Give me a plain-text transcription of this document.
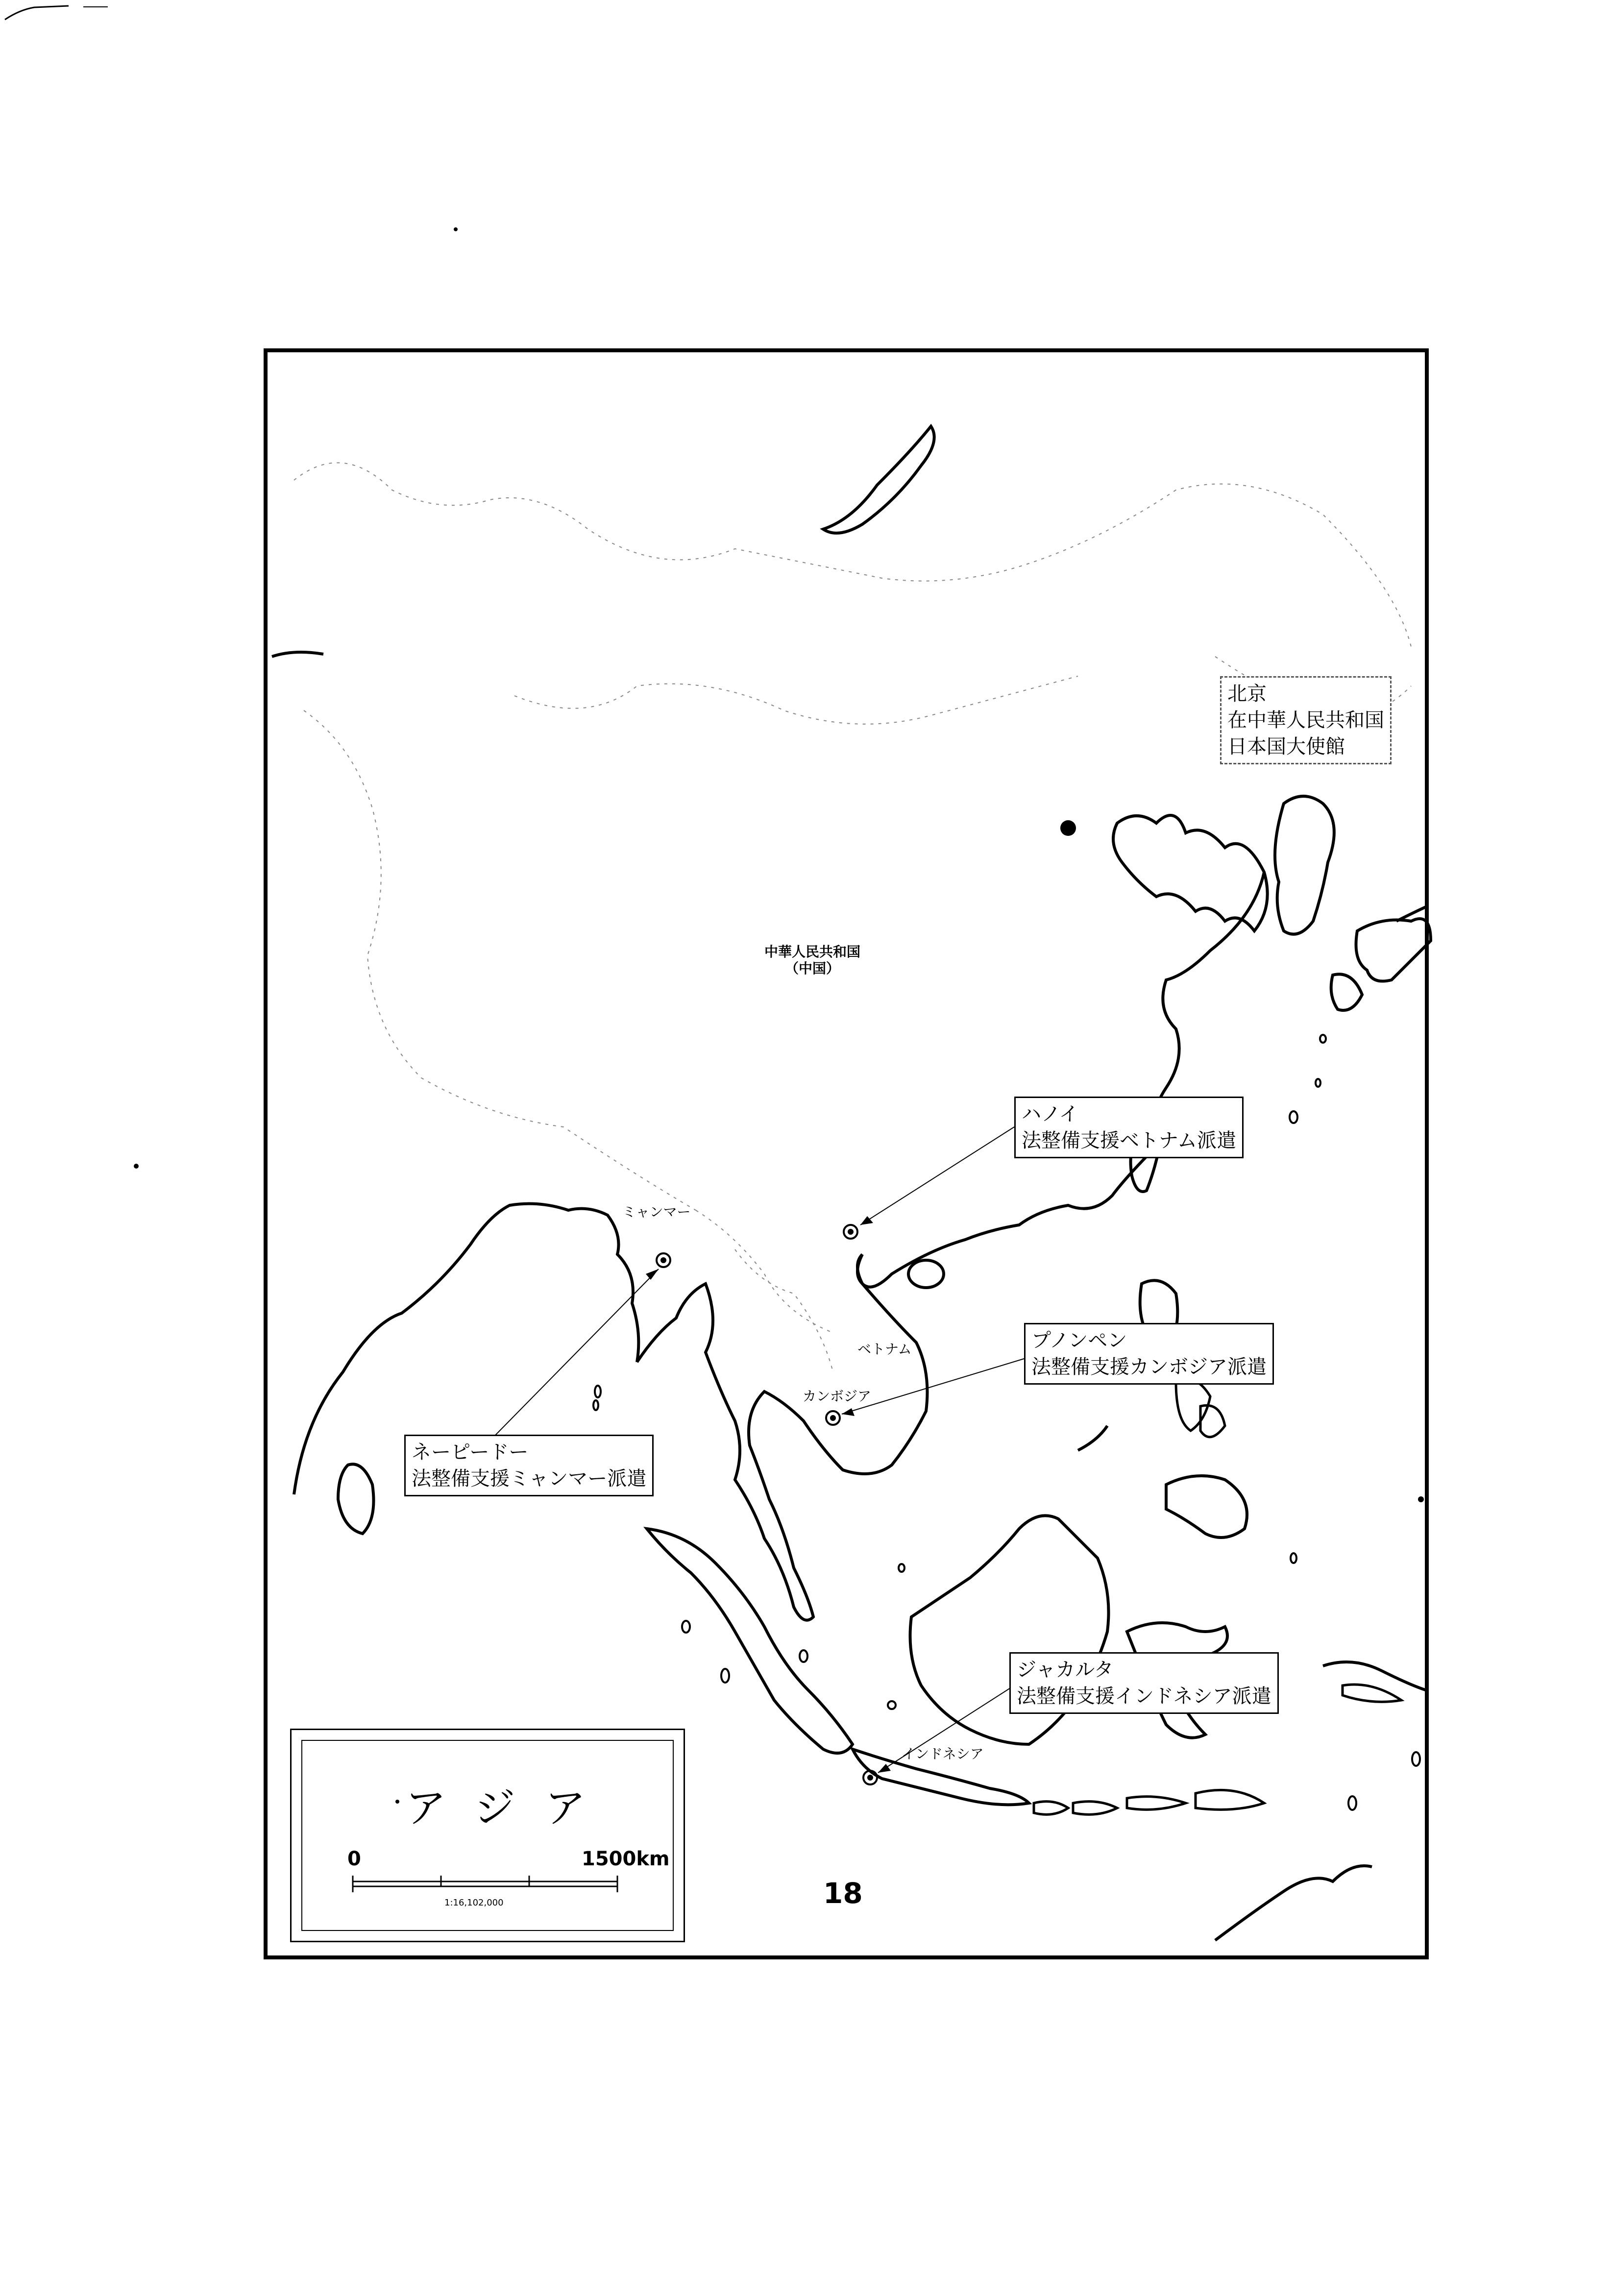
北京
在中華人民共和国
日本国大使館
ハノイ
法整備支援ベトナム派遣
プノンペン
法整備支援カンボジア派遣
ネーピードー
法整備支援ミャンマー派遣
ジャカルタ
法整備支援インドネシア派遣
中華人民共和国
（中国）
ミャンマー
ベトナム
カンボジア
インドネシア
アジア
0	1500km
1:16,102,000	18
